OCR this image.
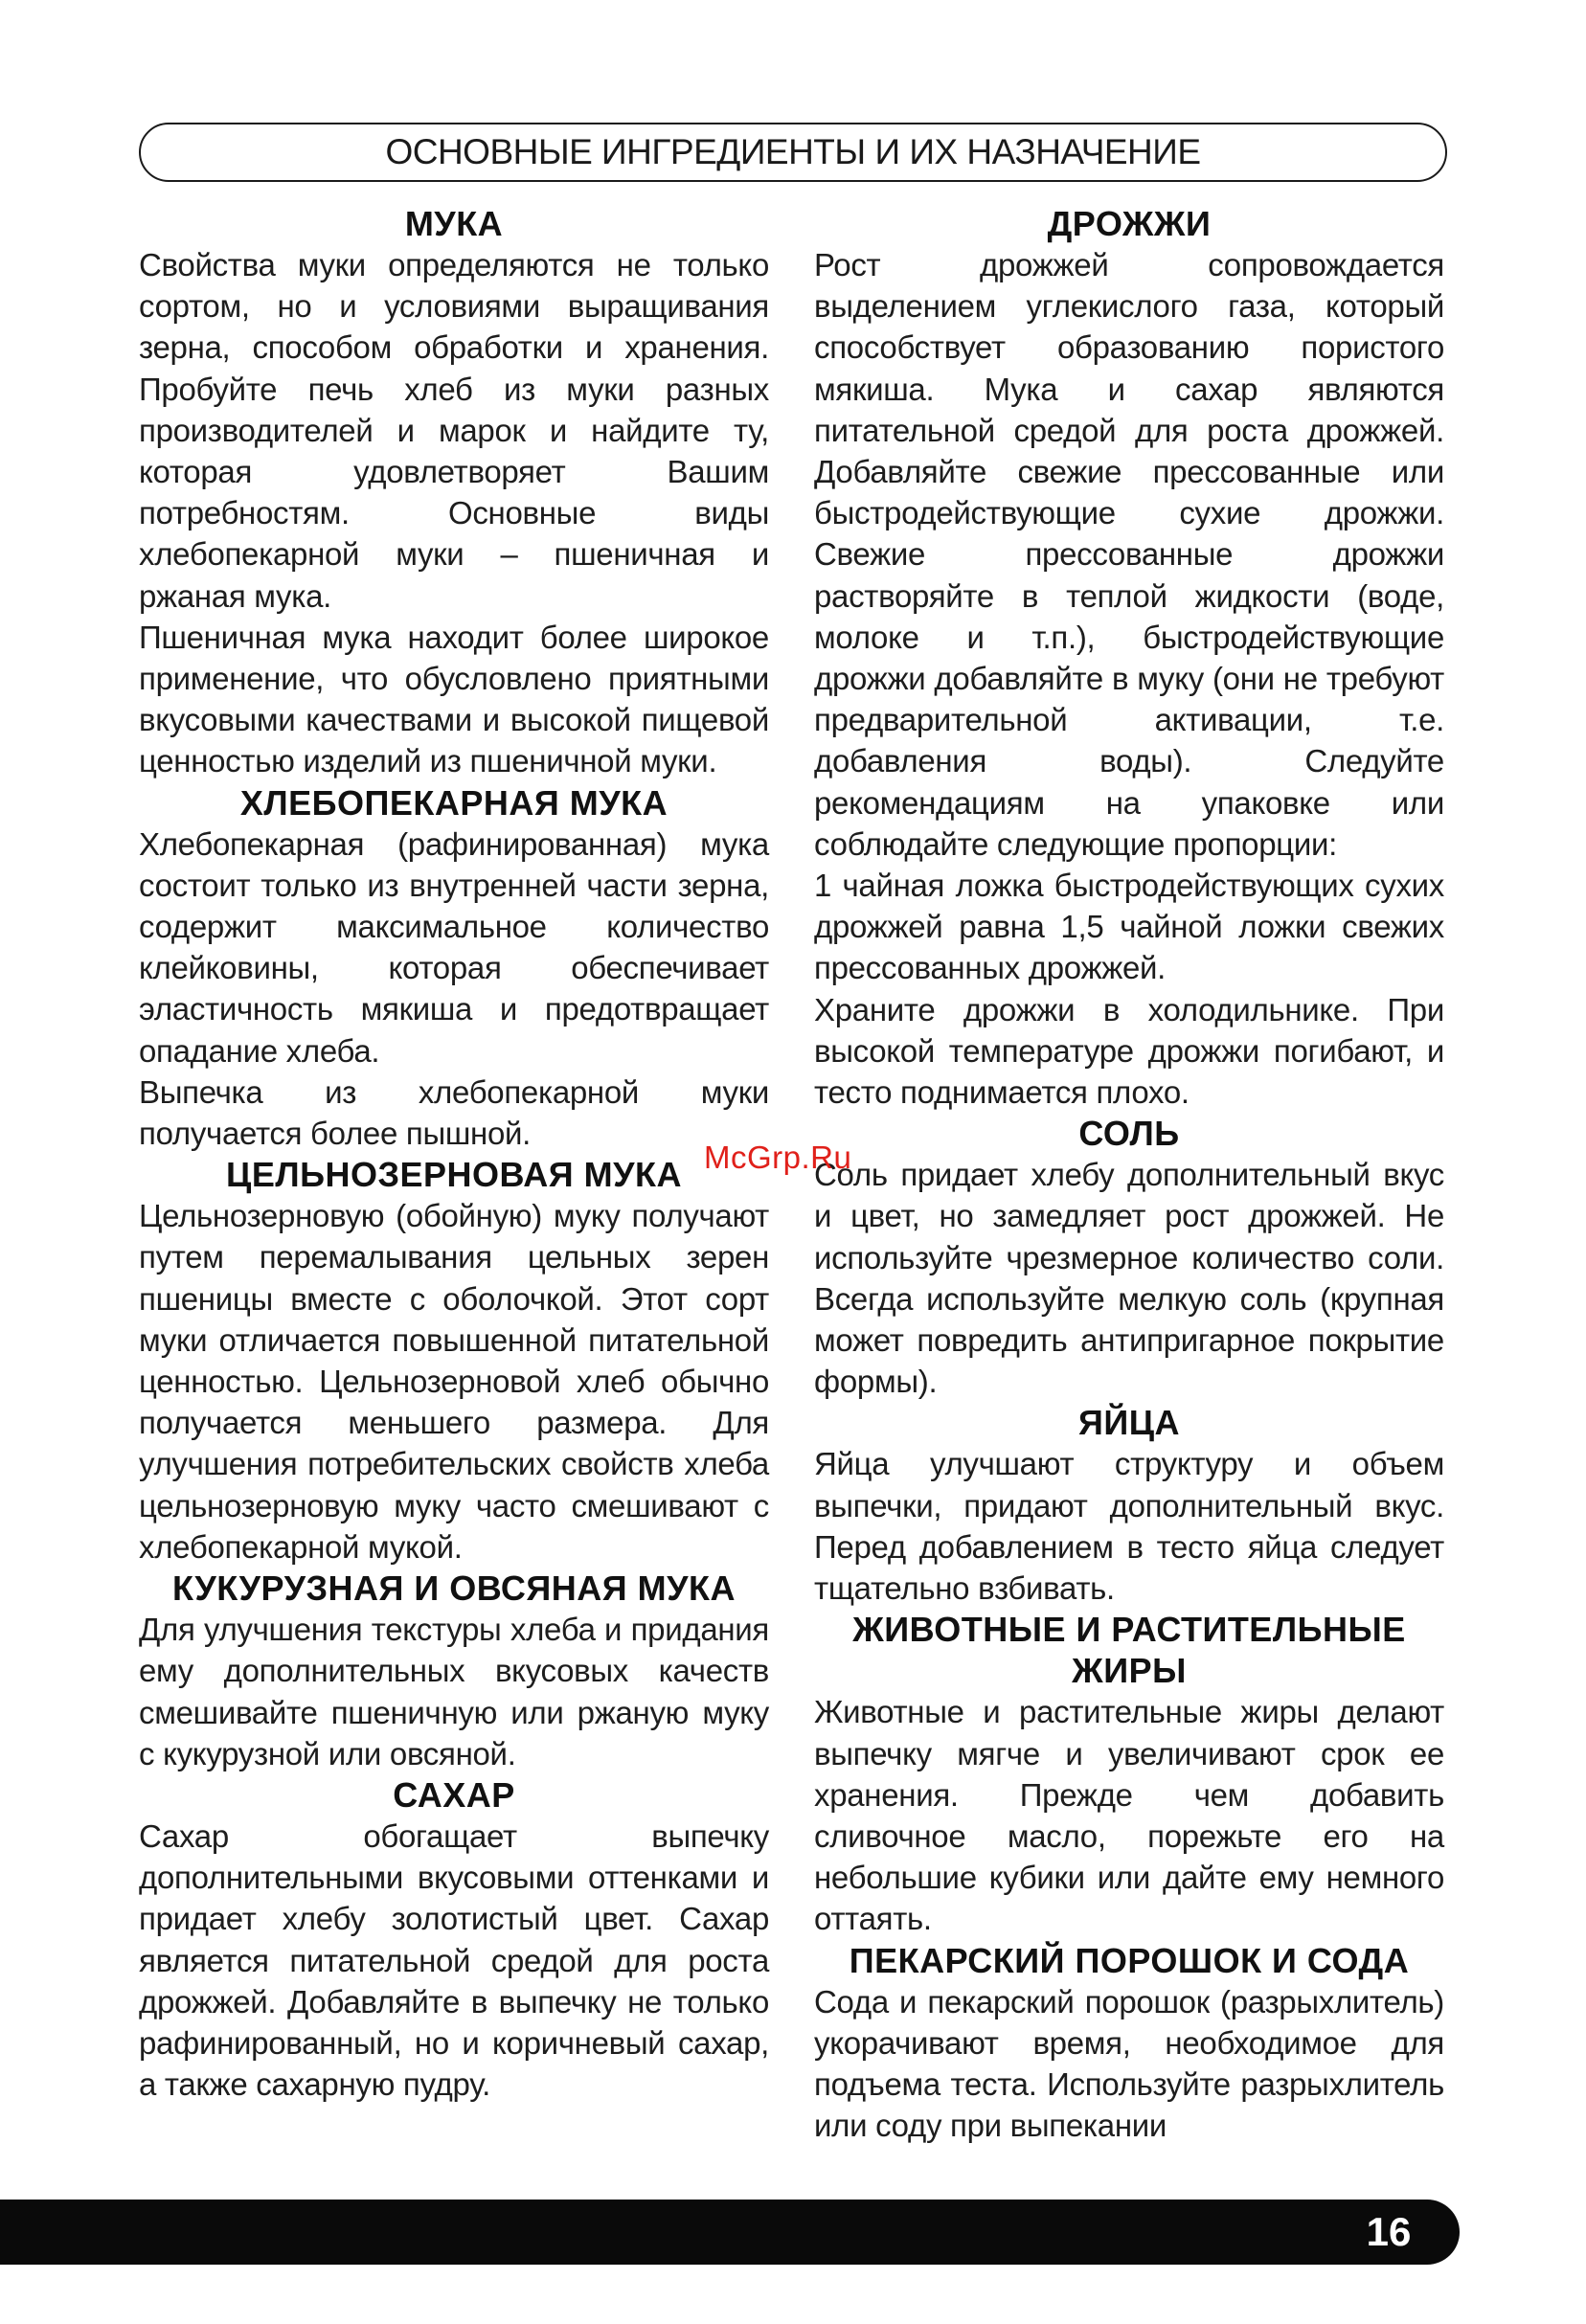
ОСНОВНЫЕ ИНГРЕДИЕНТЫ И ИХ НАЗНАЧЕНИЕ
МУКА

Свойства муки определяются не только сортом, но и условиями выращивания зерна, способом обработки и хранения. Пробуйте печь хлеб из муки разных производителей и марок и найдите ту, которая удовлетворяет Вашим потребностям. Основные виды хлебопекарной муки – пшеничная и ржаная мука.

Пшеничная мука находит более широкое применение, что обусловлено приятными вкусовыми качествами и высокой пищевой ценностью изделий из пшеничной муки.

ХЛЕБОПЕКАРНАЯ МУКА

Хлебопекарная (рафинированная) мука состоит только из внутренней части зерна, содержит максимальное количество клейковины, которая обеспечивает эластичность мякиша и предотвращает опадание хлеба.

Выпечка из хлебопекарной муки получается более пышной.

ЦЕЛЬНОЗЕРНОВАЯ МУКА

Цельнозерновую (обойную) муку получают путем перемалывания цельных зерен пшеницы вместе с оболочкой. Этот сорт муки отличается повышенной питательной ценностью. Цельнозерновой хлеб обычно получается меньшего размера. Для улучшения потребительских свойств хлеба цельнозерновую муку часто смешивают с хлебопекарной мукой.

КУКУРУЗНАЯ И ОВСЯНАЯ МУКА

Для улучшения текстуры хлеба и придания ему дополнительных вкусовых качеств смешивайте пшеничную или ржаную муку с кукурузной или овсяной.

САХАР

Сахар обогащает выпечку дополнительными вкусовыми оттенками и придает хлебу золотистый цвет. Сахар является питательной средой для роста дрожжей. Добавляйте в выпечку не только рафинированный, но и коричневый сахар, а также сахарную пудру.

ДРОЖЖИ

Рост дрожжей сопровождается выделением углекислого газа, который способствует образованию пористого мякиша. Мука и сахар являются питательной средой для роста дрожжей. Добавляйте свежие прессованные или быстродействующие сухие дрожжи. Свежие прессованные дрожжи растворяйте в теплой жидкости (воде, молоке и т.п.), быстродействующие дрожжи добавляйте в муку (они не требуют предварительной активации, т.е. добавления воды). Следуйте рекомендациям на упаковке или соблюдайте следующие пропорции:

1 чайная ложка быстродействующих сухих дрожжей равна 1,5 чайной ложки свежих прессованных дрожжей.

Храните дрожжи в холодильнике. При высокой температуре дрожжи погибают, и тесто поднимается плохо.

СОЛЬ

Соль придает хлебу дополнительный вкус и цвет, но замедляет рост дрожжей. Не используйте чрезмерное количество соли. Всегда используйте мелкую соль (крупная может повредить антипригарное покрытие формы).

ЯЙЦА

Яйца улучшают структуру и объем выпечки, придают дополнительный вкус. Перед добавлением в тесто яйца следует тщательно взбивать.

ЖИВОТНЫЕ И РАСТИТЕЛЬНЫЕ
ЖИРЫ

Животные и растительные жиры делают выпечку мягче и увеличивают срок ее хранения. Прежде чем добавить сливочное масло, порежьте его на небольшие кубики или дайте ему немного оттаять.

ПЕКАРСКИЙ ПОРОШОК И СОДА

Сода и пекарский порошок (разрыхлитель) укорачивают время, необходимое для подъема теста. Используйте разрыхлитель или соду при выпекании

McGrp.Ru
16
